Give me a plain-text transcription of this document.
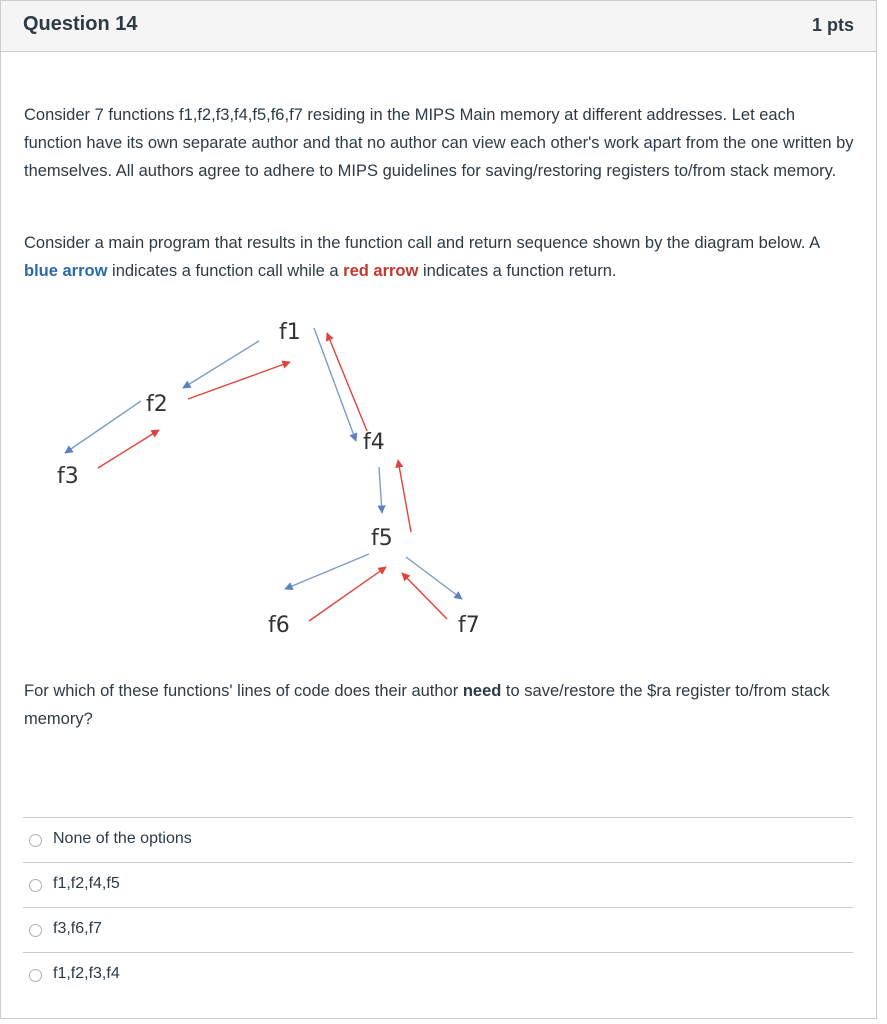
Question 14	1 pts
Consider 7 functions f1,f2,f3,f4,f5,f6,f7 residing in the MIPS Main memory at different addresses. Let each function have its own separate author and that no author can view each other's work apart from the one written by themselves. All authors agree to adhere to MIPS guidelines for saving/restoring registers to/from stack memory.
Consider a main program that results in the function call and return sequence shown by the diagram below. A blue arrow indicates a function call while a red arrow indicates a function return.
f1
f2
f3
f4
f5
f6	f7
For which of these functions' lines of code does their author need to save/restore the $ra register to/from stack memory?
None of the options
f1,f2,f4,f5
f3,f6,f7
f1,f2,f3,f4
